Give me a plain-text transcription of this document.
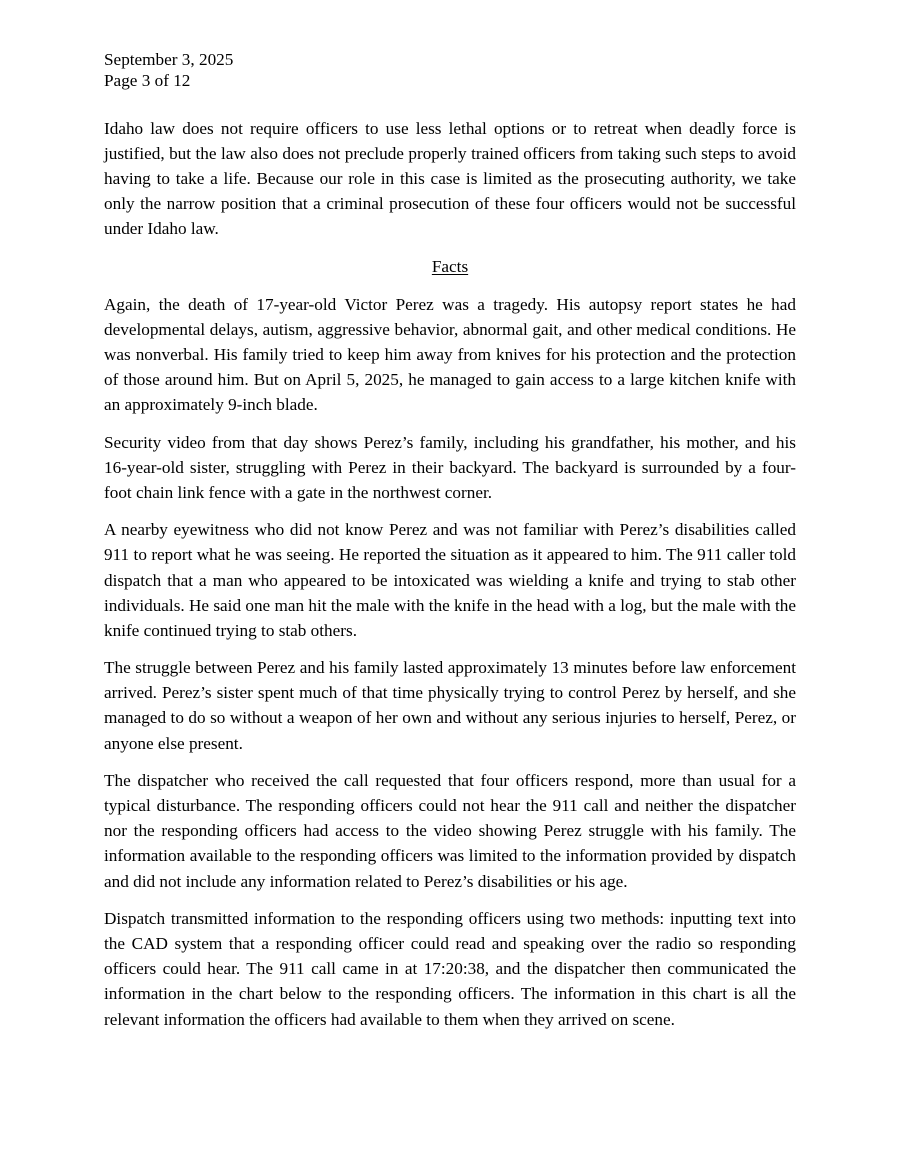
September 3, 2025
Page 3 of 12

Idaho law does not require officers to use less lethal options or to retreat when deadly force is justified, but the law also does not preclude properly trained officers from taking such steps to avoid having to take a life. Because our role in this case is limited as the prosecuting authority, we take only the narrow position that a criminal prosecution of these four officers would not be successful under Idaho law.

Facts

Again, the death of 17-year-old Victor Perez was a tragedy. His autopsy report states he had developmental delays, autism, aggressive behavior, abnormal gait, and other medical conditions. He was nonverbal. His family tried to keep him away from knives for his protection and the protection of those around him. But on April 5, 2025, he managed to gain access to a large kitchen knife with an approximately 9-inch blade.

Security video from that day shows Perez’s family, including his grandfather, his mother, and his 16-year-old sister, struggling with Perez in their backyard. The backyard is surrounded by a four-foot chain link fence with a gate in the northwest corner.

A nearby eyewitness who did not know Perez and was not familiar with Perez’s disabilities called 911 to report what he was seeing. He reported the situation as it appeared to him. The 911 caller told dispatch that a man who appeared to be intoxicated was wielding a knife and trying to stab other individuals. He said one man hit the male with the knife in the head with a log, but the male with the knife continued trying to stab others.

The struggle between Perez and his family lasted approximately 13 minutes before law enforcement arrived. Perez’s sister spent much of that time physically trying to control Perez by herself, and she managed to do so without a weapon of her own and without any serious injuries to herself, Perez, or anyone else present.

The dispatcher who received the call requested that four officers respond, more than usual for a typical disturbance. The responding officers could not hear the 911 call and neither the dispatcher nor the responding officers had access to the video showing Perez struggle with his family. The information available to the responding officers was limited to the information provided by dispatch and did not include any information related to Perez’s disabilities or his age.

Dispatch transmitted information to the responding officers using two methods: inputting text into the CAD system that a responding officer could read and speaking over the radio so responding officers could hear. The 911 call came in at 17:20:38, and the dispatcher then communicated the information in the chart below to the responding officers. The information in this chart is all the relevant information the officers had available to them when they arrived on scene.
